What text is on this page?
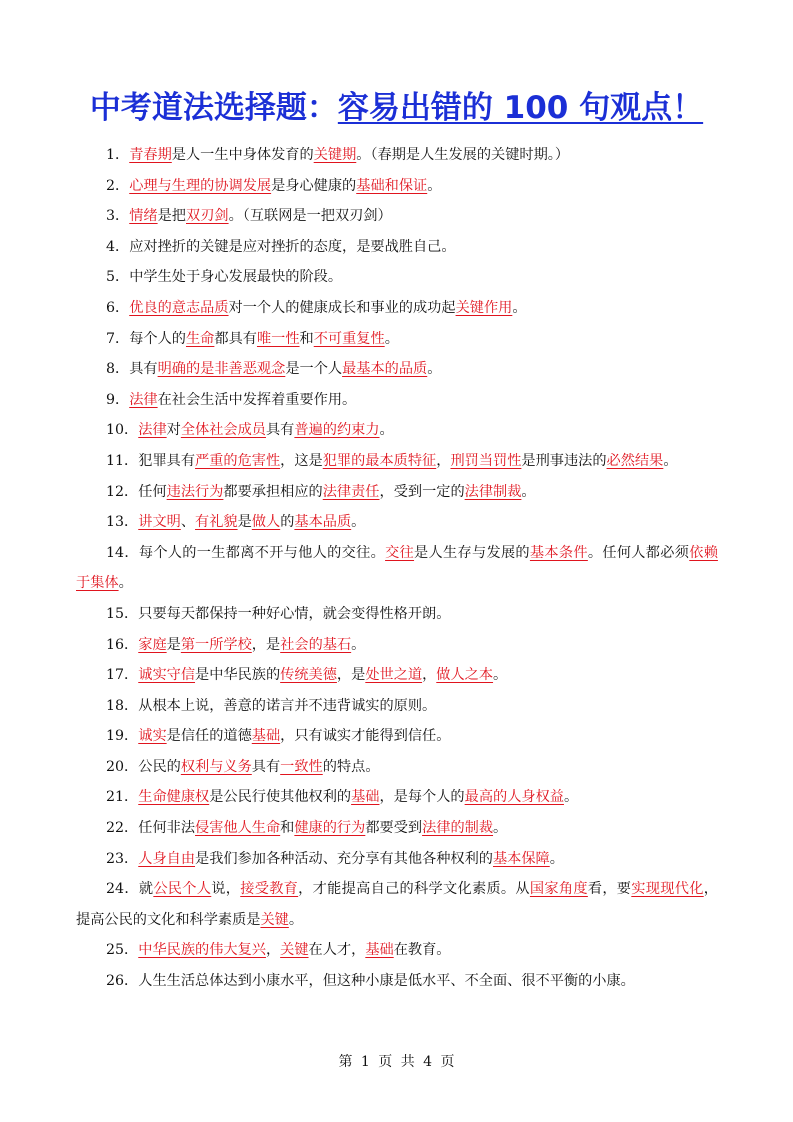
中考道法选择题：容易出错的 100 句观点！
1．青春期是人一生中身体发育的关键期。（春期是人生发展的关键时期。）
2．心理与生理的协调发展是身心健康的基础和保证。
3．情绪是把双刃剑。（互联网是一把双刃剑）
4．应对挫折的关键是应对挫折的态度，是要战胜自己。
5．中学生处于身心发展最快的阶段。
6．优良的意志品质对一个人的健康成长和事业的成功起关键作用。
7．每个人的生命都具有唯一性和不可重复性。
8．具有明确的是非善恶观念是一个人最基本的品质。
9．法律在社会生活中发挥着重要作用。
10．法律对全体社会成员具有普遍的约束力。
11．犯罪具有严重的危害性，这是犯罪的最本质特征，刑罚当罚性是刑事违法的必然结果。
12．任何违法行为都要承担相应的法律责任，受到一定的法律制裁。
13．讲文明、有礼貌是做人的基本品质。
14．每个人的一生都离不开与他人的交往。交往是人生存与发展的基本条件。任何人都必须依赖于集体。
15．只要每天都保持一种好心情，就会变得性格开朗。
16．家庭是第一所学校，是社会的基石。
17．诚实守信是中华民族的传统美德，是处世之道，做人之本。
18．从根本上说，善意的诺言并不违背诚实的原则。
19．诚实是信任的道德基础，只有诚实才能得到信任。
20．公民的权利与义务具有一致性的特点。
21．生命健康权是公民行使其他权利的基础，是每个人的最高的人身权益。
22．任何非法侵害他人生命和健康的行为都要受到法律的制裁。
23．人身自由是我们参加各种活动、充分享有其他各种权利的基本保障。
24．就公民个人说，接受教育，才能提高自己的科学文化素质。从国家角度看，要实现现代化，提高公民的文化和科学素质是关键。
25．中华民族的伟大复兴，关键在人才，基础在教育。
26．人生生活总体达到小康水平，但这种小康是低水平、不全面、很不平衡的小康。
第 1 页 共 4 页
